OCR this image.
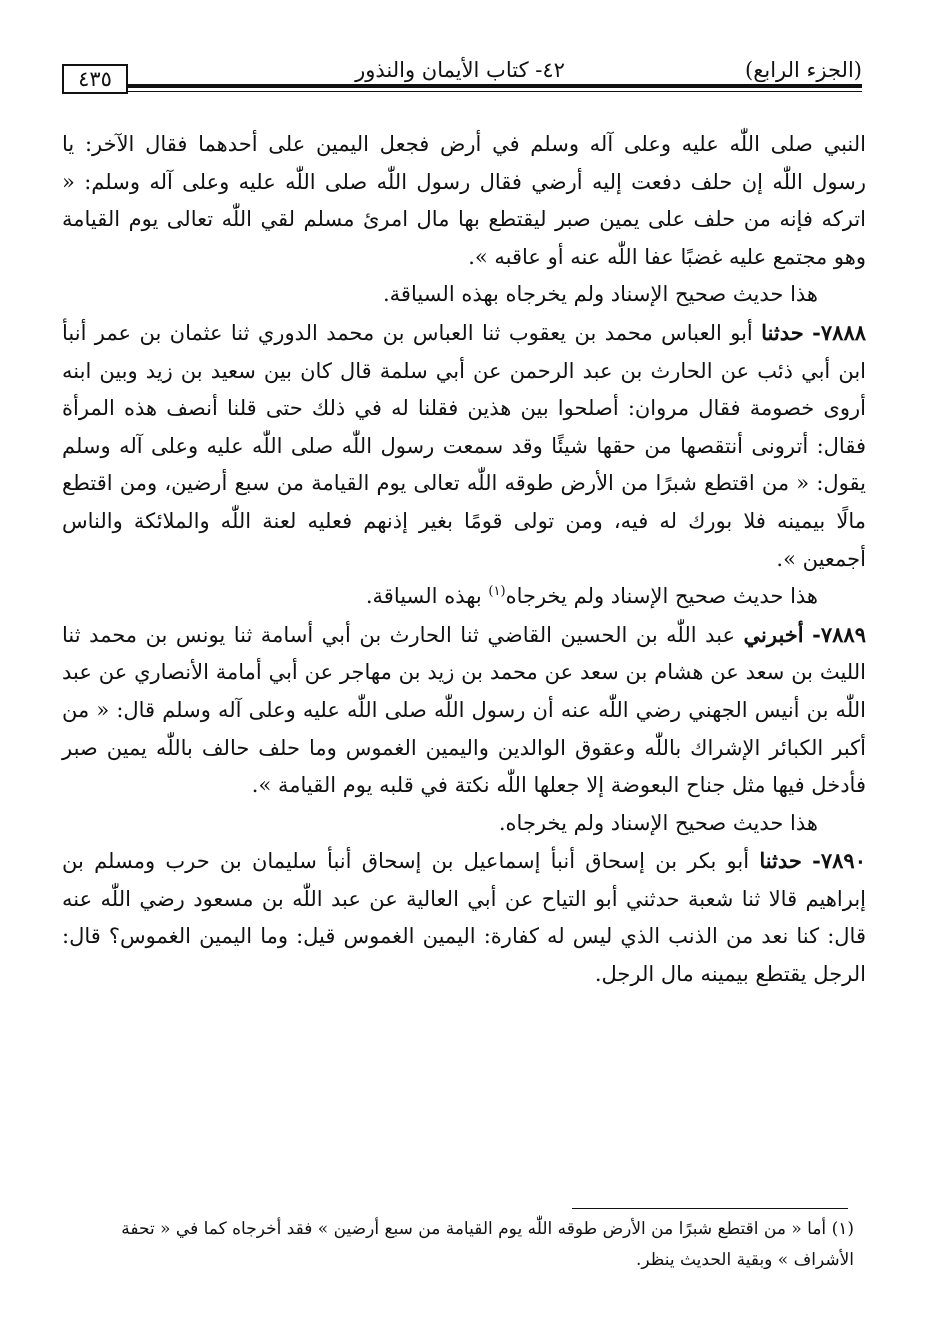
٤٢- كتاب الأيمان والنذور	(الجزء الرابع)
٤٣٥

النبي صلى اللّٰه عليه وعلى آله وسلم في أرض فجعل اليمين على أحدهما فقال الآخر: يا رسول اللّٰه إن حلف دفعت إليه أرضي فقال رسول اللّٰه صلى اللّٰه عليه وعلى آله وسلم: « اتركه فإنه من حلف على يمين صبر ليقتطع بها مال امرئ مسلم لقي اللّٰه تعالى يوم القيامة وهو مجتمع عليه غضبًا عفا اللّٰه عنه أو عاقبه ».

هذا حديث صحيح الإسناد ولم يخرجاه بهذه السياقة.

٧٨٨٨- حدثنا أبو العباس محمد بن يعقوب ثنا العباس بن محمد الدوري ثنا عثمان بن عمر أنبأ ابن أبي ذئب عن الحارث بن عبد الرحمن عن أبي سلمة قال كان بين سعيد بن زيد وبين ابنه أروى خصومة فقال مروان: أصلحوا بين هذين فقلنا له في ذلك حتى قلنا أنصف هذه المرأة فقال: أترونى أنتقصها من حقها شيئًا وقد سمعت رسول اللّٰه صلى اللّٰه عليه وعلى آله وسلم يقول: « من اقتطع شبرًا من الأرض طوقه اللّٰه تعالى يوم القيامة من سبع أرضين، ومن اقتطع مالًا بيمينه فلا بورك له فيه، ومن تولى قومًا بغير إذنهم فعليه لعنة اللّٰه والملائكة والناس أجمعين ».

هذا حديث صحيح الإسناد ولم يخرجاه$^{(١)}$ بهذه السياقة.

٧٨٨٩- أخبرني عبد اللّٰه بن الحسين القاضي ثنا الحارث بن أبي أسامة ثنا يونس بن محمد ثنا الليث بن سعد عن هشام بن سعد عن محمد بن زيد بن مهاجر عن أبي أمامة الأنصاري عن عبد اللّٰه بن أنيس الجهني رضي اللّٰه عنه أن رسول اللّٰه صلى اللّٰه عليه وعلى آله وسلم قال: « من أكبر الكبائر الإشراك باللّٰه وعقوق الوالدين واليمين الغموس وما حلف حالف باللّٰه يمين صبر فأدخل فيها مثل جناح البعوضة إلا جعلها اللّٰه نكتة في قلبه يوم القيامة ».

هذا حديث صحيح الإسناد ولم يخرجاه.

٧٨٩٠- حدثنا أبو بكر بن إسحاق أنبأ إسماعيل بن إسحاق أنبأ سليمان بن حرب ومسلم بن إبراهيم قالا ثنا شعبة حدثني أبو التياح عن أبي العالية عن عبد اللّٰه بن مسعود رضي اللّٰه عنه قال: كنا نعد من الذنب الذي ليس له كفارة: اليمين الغموس قيل: وما اليمين الغموس؟ قال: الرجل يقتطع بيمينه مال الرجل.

(١) أما « من اقتطع شبرًا من الأرض طوقه اللّٰه يوم القيامة من سبع أرضين » فقد أخرجاه كما في « تحفة الأشراف » وبقية الحديث ينظر.
